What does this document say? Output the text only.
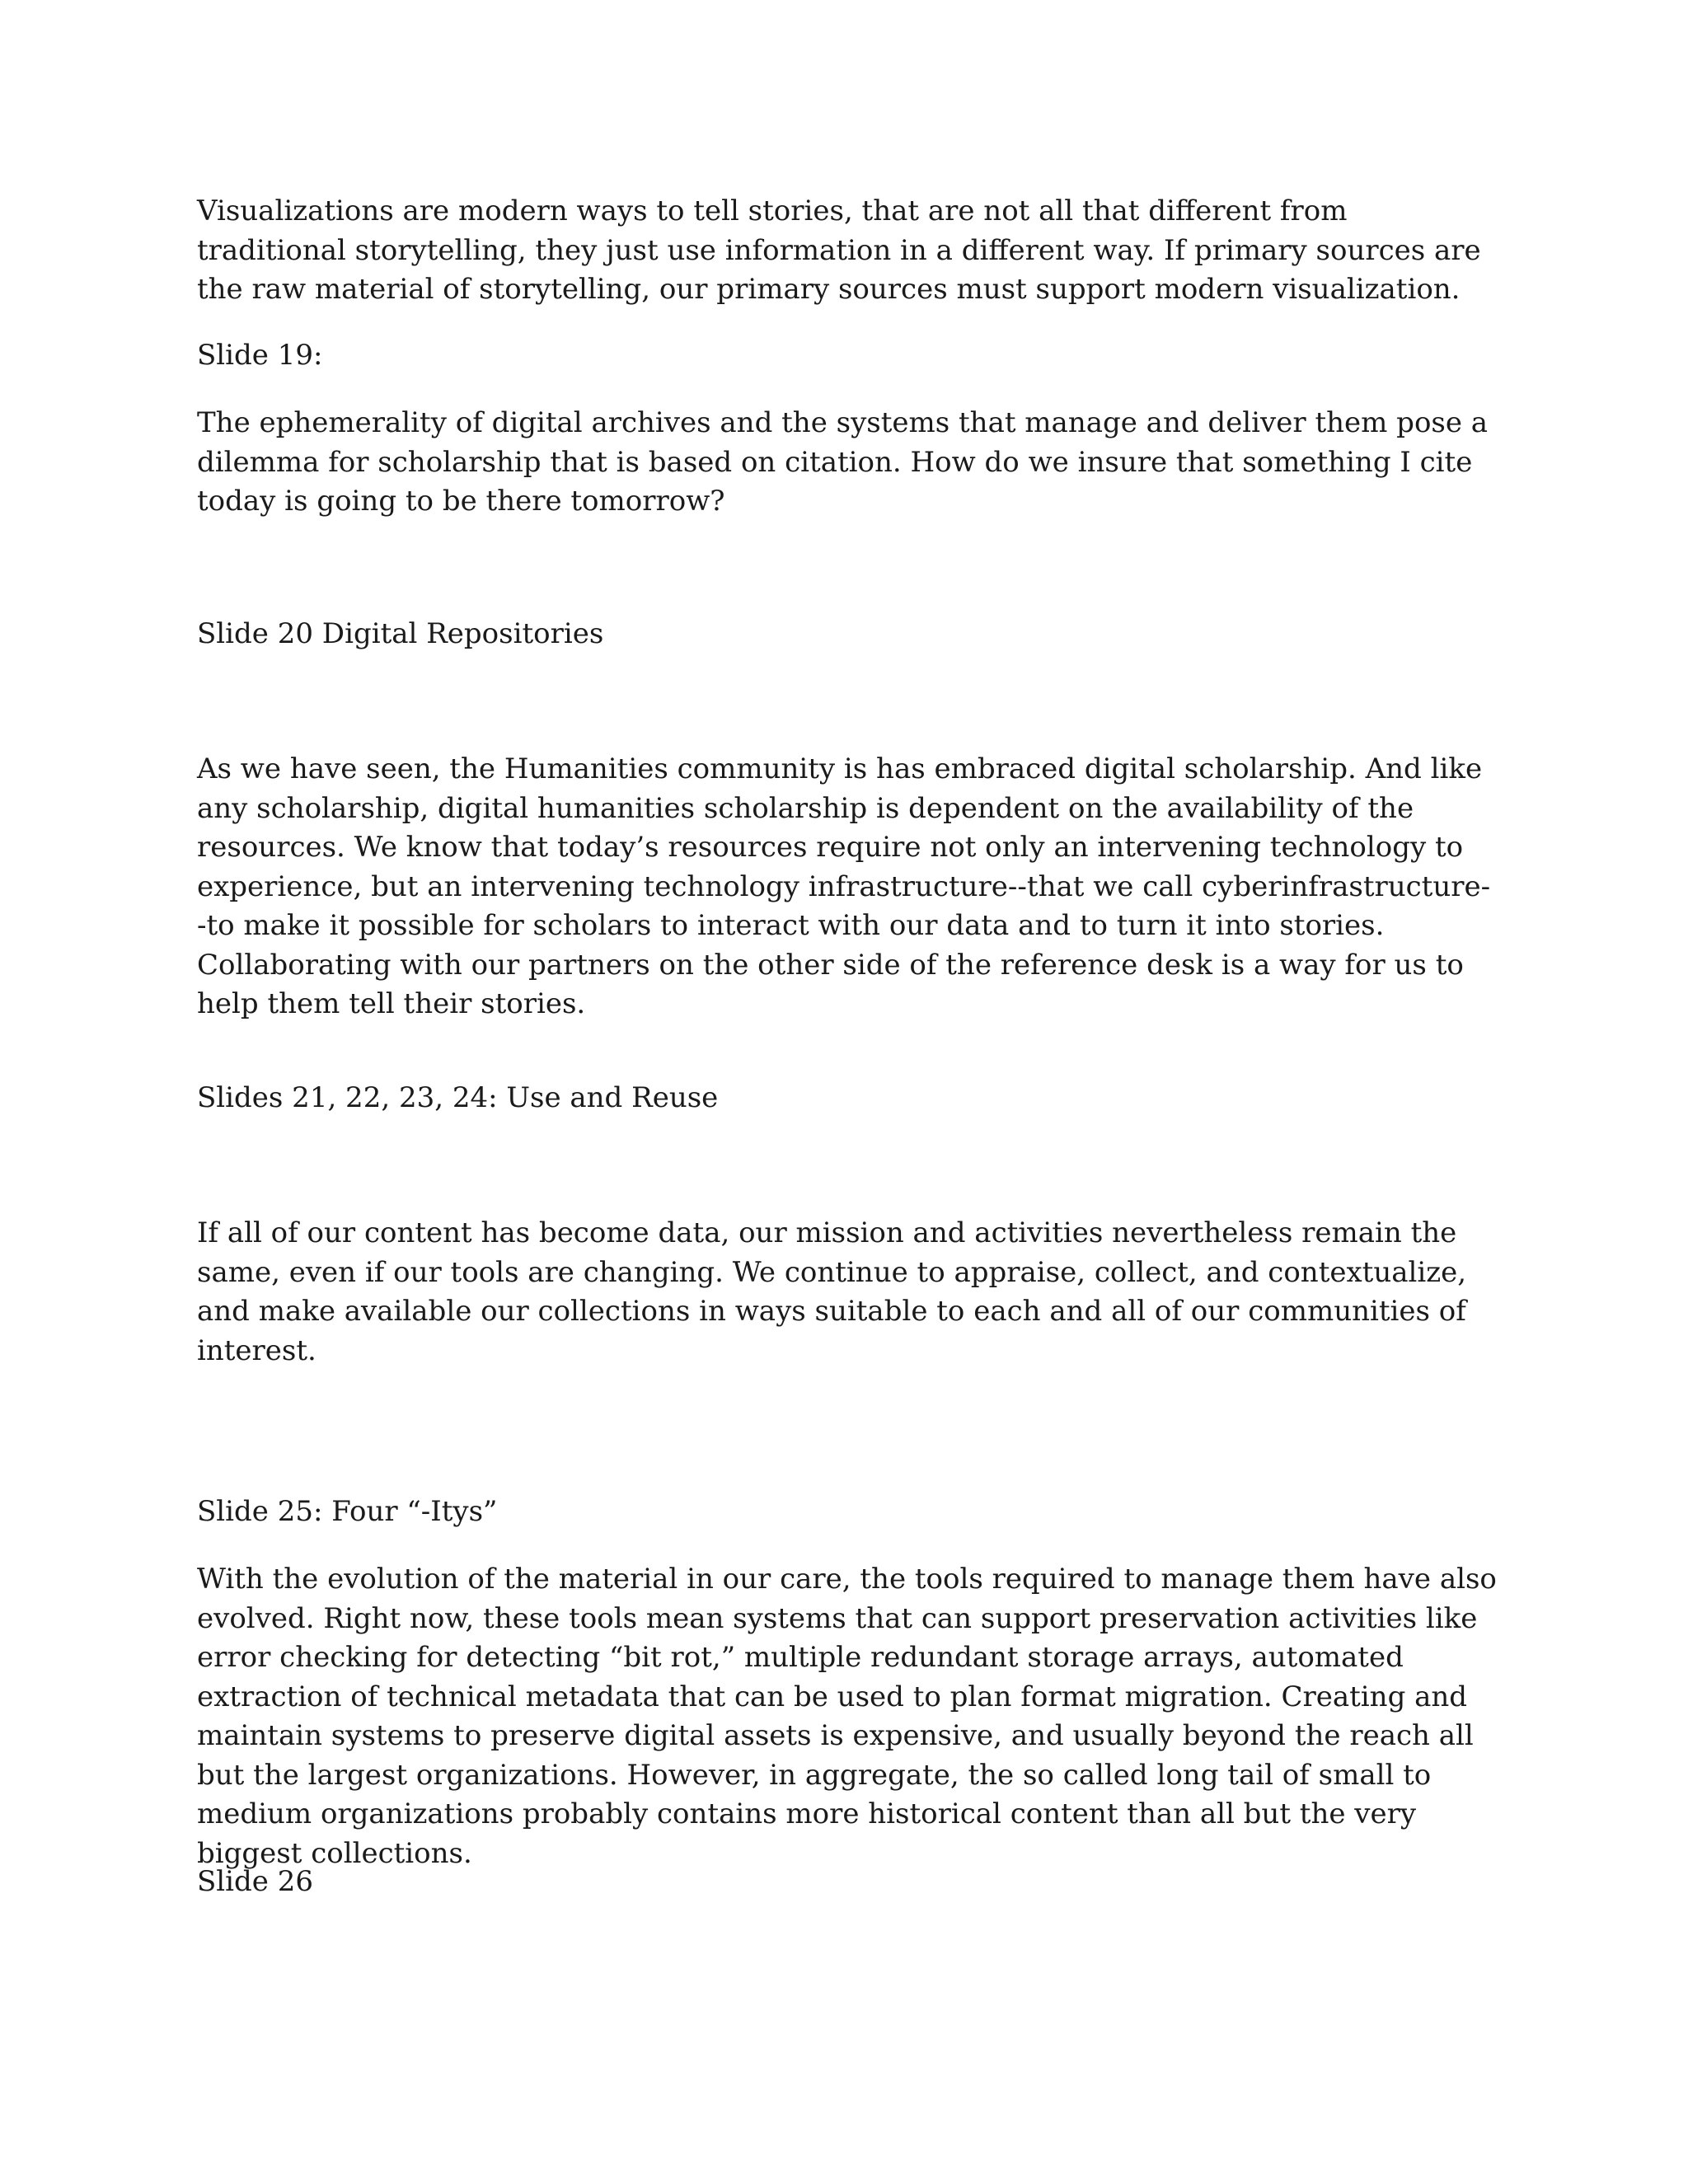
Visualizations are modern ways to tell stories, that are not all that different from traditional storytelling, they just use information in a different way. If primary sources are the raw material of storytelling, our primary sources must support modern visualization.

Slide 19:

The ephemerality of digital archives and the systems that manage and deliver them pose a dilemma for scholarship that is based on citation. How do we insure that something I cite today is going to be there tomorrow?

Slide 20 Digital Repositories

As we have seen, the Humanities community is has embraced digital scholarship. And like any scholarship, digital humanities scholarship is dependent on the availability of the resources. We know that today’s resources require not only an intervening technology to experience, but an intervening technology infrastructure--that we call cyberinfrastructure--to make it possible for scholars to interact with our data and to turn it into stories. Collaborating with our partners on the other side of the reference desk is a way for us to help them tell their stories.

Slides 21, 22, 23, 24: Use and Reuse

If all of our content has become data, our mission and activities nevertheless remain the same, even if our tools are changing. We continue to appraise, collect, and contextualize, and make available our collections in ways suitable to each and all of our communities of interest.

Slide 25: Four “-Itys”

With the evolution of the material in our care, the tools required to manage them have also evolved. Right now, these tools mean systems that can support preservation activities like error checking for detecting “bit rot,” multiple redundant storage arrays, automated extraction of technical metadata that can be used to plan format migration. Creating and maintain systems to preserve digital assets is expensive, and usually beyond the reach all but the largest organizations. However, in aggregate, the so called long tail of small to medium organizations probably contains more historical content than all but the very biggest collections.

Slide 26
